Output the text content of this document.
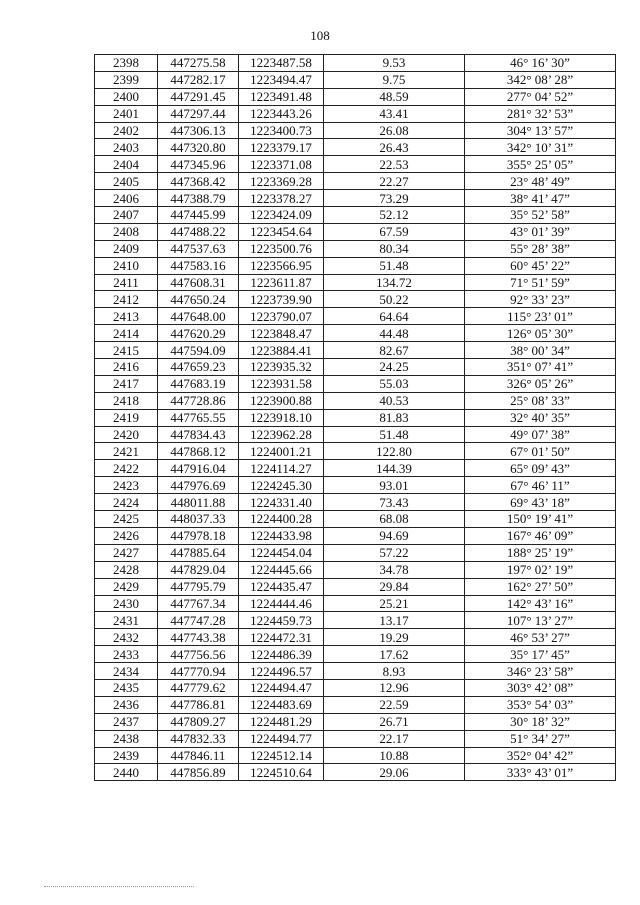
108
2398	447275.58	1223487.58	9.53	46° 16’ 30”
2399	447282.17	1223494.47	9.75	342° 08’ 28”
2400	447291.45	1223491.48	48.59	277° 04’ 52”
2401	447297.44	1223443.26	43.41	281° 32’ 53”
2402	447306.13	1223400.73	26.08	304° 13’ 57”
2403	447320.80	1223379.17	26.43	342° 10’ 31”
2404	447345.96	1223371.08	22.53	355° 25’ 05”
2405	447368.42	1223369.28	22.27	23° 48’ 49”
2406	447388.79	1223378.27	73.29	38° 41’ 47”
2407	447445.99	1223424.09	52.12	35° 52’ 58”
2408	447488.22	1223454.64	67.59	43° 01’ 39”
2409	447537.63	1223500.76	80.34	55° 28’ 38”
2410	447583.16	1223566.95	51.48	60° 45’ 22”
2411	447608.31	1223611.87	134.72	71° 51’ 59”
2412	447650.24	1223739.90	50.22	92° 33’ 23”
2413	447648.00	1223790.07	64.64	115° 23’ 01”
2414	447620.29	1223848.47	44.48	126° 05’ 30”
2415	447594.09	1223884.41	82.67	38° 00’ 34”
2416	447659.23	1223935.32	24.25	351° 07’ 41”
2417	447683.19	1223931.58	55.03	326° 05’ 26”
2418	447728.86	1223900.88	40.53	25° 08’ 33”
2419	447765.55	1223918.10	81.83	32° 40’ 35”
2420	447834.43	1223962.28	51.48	49° 07’ 38”
2421	447868.12	1224001.21	122.80	67° 01’ 50”
2422	447916.04	1224114.27	144.39	65° 09’ 43”
2423	447976.69	1224245.30	93.01	67° 46’ 11”
2424	448011.88	1224331.40	73.43	69° 43’ 18”
2425	448037.33	1224400.28	68.08	150° 19’ 41”
2426	447978.18	1224433.98	94.69	167° 46’ 09”
2427	447885.64	1224454.04	57.22	188° 25’ 19”
2428	447829.04	1224445.66	34.78	197° 02’ 19”
2429	447795.79	1224435.47	29.84	162° 27’ 50”
2430	447767.34	1224444.46	25.21	142° 43’ 16”
2431	447747.28	1224459.73	13.17	107° 13’ 27”
2432	447743.38	1224472.31	19.29	46° 53’ 27”
2433	447756.56	1224486.39	17.62	35° 17’ 45”
2434	447770.94	1224496.57	8.93	346° 23’ 58”
2435	447779.62	1224494.47	12.96	303° 42’ 08”
2436	447786.81	1224483.69	22.59	353° 54’ 03”
2437	447809.27	1224481.29	26.71	30° 18’ 32”
2438	447832.33	1224494.77	22.17	51° 34’ 27”
2439	447846.11	1224512.14	10.88	352° 04’ 42”
2440	447856.89	1224510.64	29.06	333° 43’ 01”
